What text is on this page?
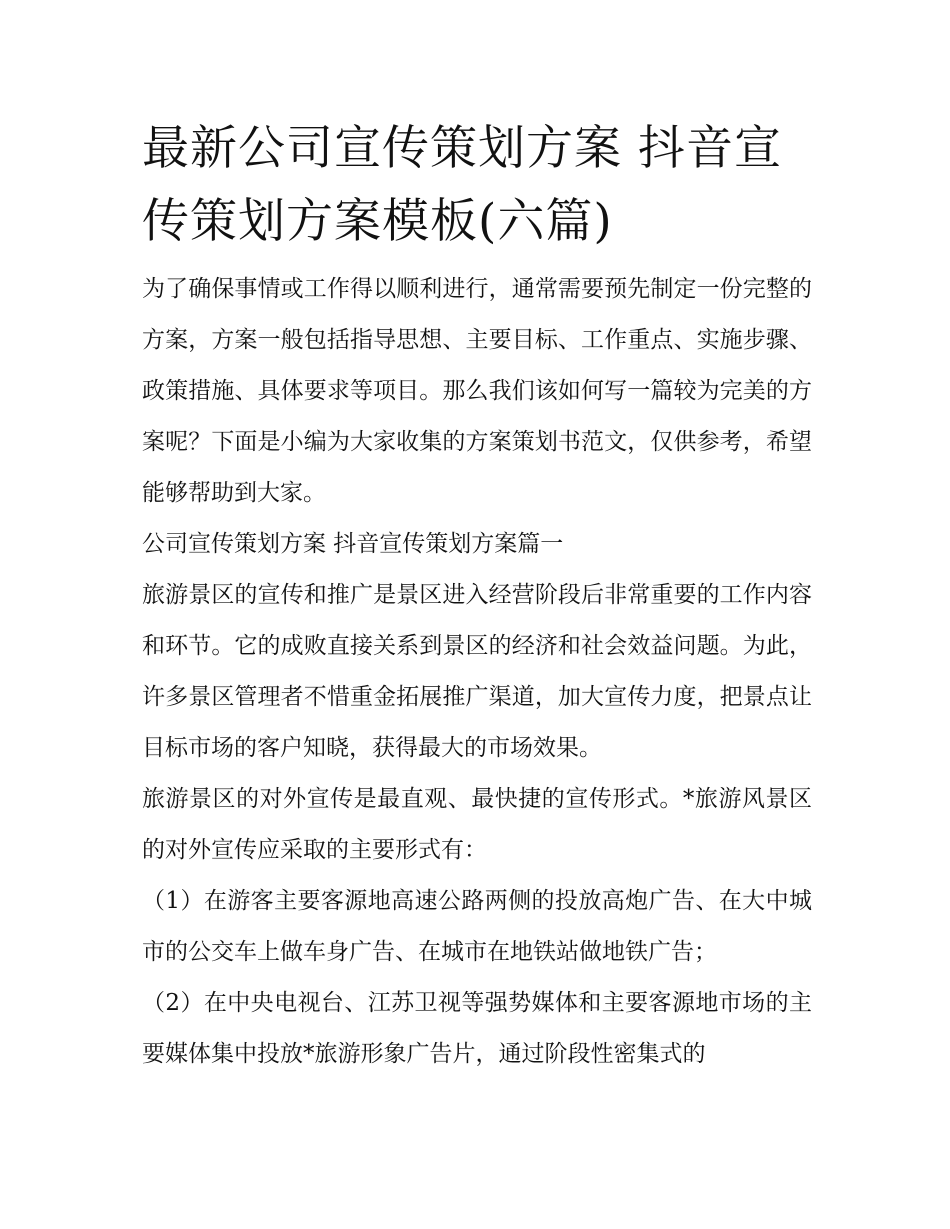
最新公司宣传策划方案 抖音宣传策划方案模板(六篇)

为了确保事情或工作得以顺利进行，通常需要预先制定一份完整的方案，方案一般包括指导思想、主要目标、工作重点、实施步骤、政策措施、具体要求等项目。那么我们该如何写一篇较为完美的方案呢？下面是小编为大家收集的方案策划书范文，仅供参考，希望能够帮助到大家。

公司宣传策划方案 抖音宣传策划方案篇一

旅游景区的宣传和推广是景区进入经营阶段后非常重要的工作内容和环节。它的成败直接关系到景区的经济和社会效益问题。为此，许多景区管理者不惜重金拓展推广渠道，加大宣传力度，把景点让目标市场的客户知晓，获得最大的市场效果。

旅游景区的对外宣传是最直观、最快捷的宣传形式。*旅游风景区的对外宣传应采取的主要形式有：

（1）在游客主要客源地高速公路两侧的投放高炮广告、在大中城市的公交车上做车身广告、在城市在地铁站做地铁广告；

（2）在中央电视台、江苏卫视等强势媒体和主要客源地市场的主要媒体集中投放*旅游形象广告片，通过阶段性密集式的
